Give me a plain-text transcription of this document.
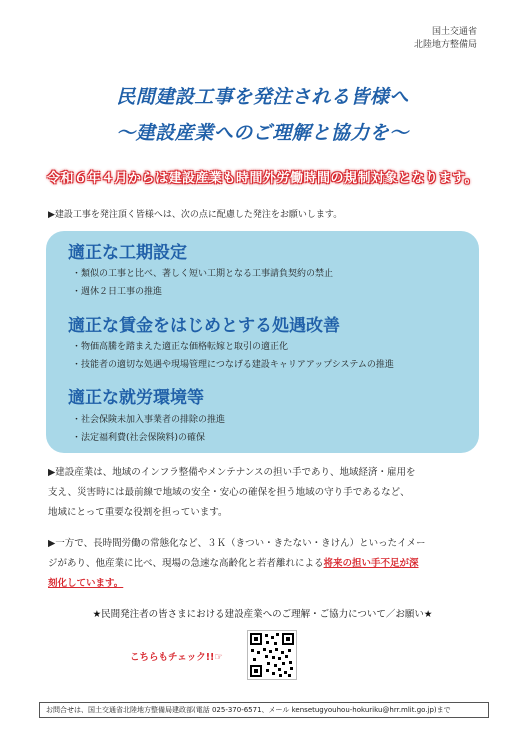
国土交通省
北陸地方整備局
民間建設工事を発注される皆様へ
～建設産業へのご理解と協力を～
令和６年４月からは建設産業も時間外労働時間の規制対象となります。
▶建設工事を発注頂く皆様へは、次の点に配慮した発注をお願いします。
適正な工期設定
・類似の工事と比べ、著しく短い工期となる工事請負契約の禁止
・週休２日工事の推進
適正な賃金をはじめとする処遇改善
・物価高騰を踏まえた適正な価格転嫁と取引の適正化
・技能者の適切な処遇や現場管理につなげる建設キャリアアップシステムの推進
適正な就労環境等
・社会保険未加入事業者の排除の推進
・法定福利費(社会保険料)の確保
▶建設産業は、地域のインフラ整備やメンテナンスの担い手であり、地域経済・雇用を
支え、災害時には最前線で地域の安全・安心の確保を担う地域の守り手であるなど、
地域にとって重要な役割を担っています。
▶一方で、長時間労働の常態化など、３Ｋ（きつい・きたない・きけん）といったイメー
ジがあり、他産業に比べ、現場の急速な高齢化と若者離れによる将来の担い手不足が深
刻化しています。
★民間発注者の皆さまにおける建設産業へのご理解・ご協力について／お願い★
こちらもチェック!!☞
お問合せは、国土交通省北陸地方整備局建政部(電話 025-370-6571、メール kensetugyouhou-hokuriku@hrr.mlit.go.jp)まで
